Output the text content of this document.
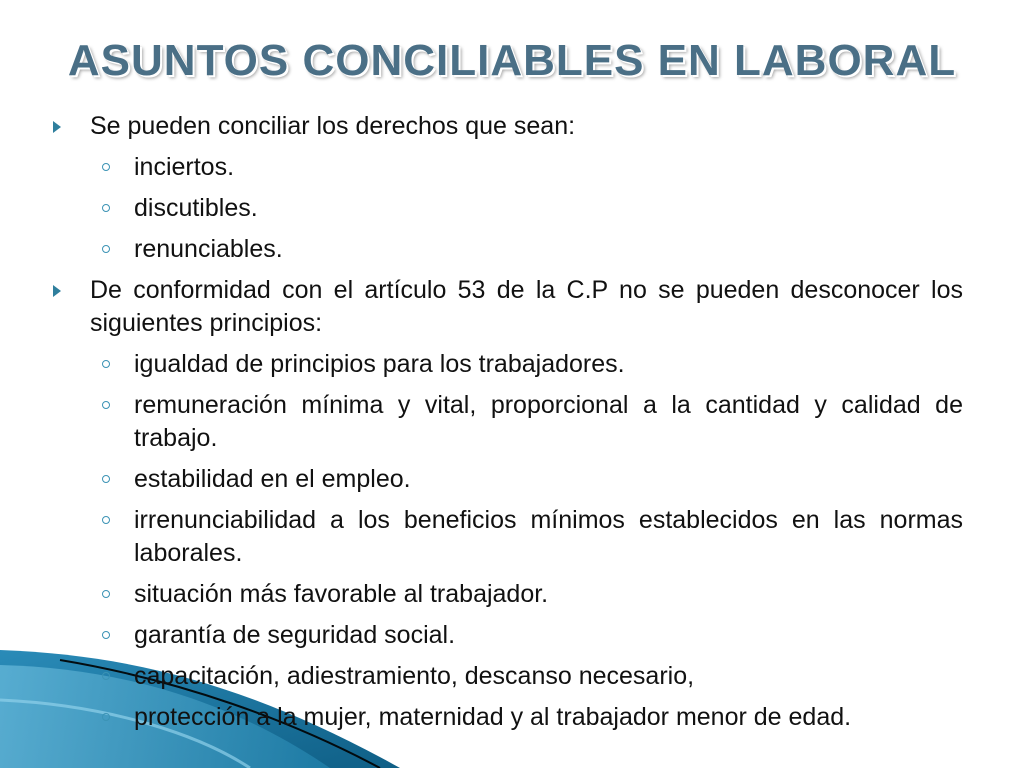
ASUNTOS CONCILIABLES EN LABORAL
Se pueden conciliar los derechos que sean:
inciertos.
discutibles.
renunciables.
De conformidad con el artículo 53 de la C.P no se pueden desconocer los siguientes principios:
igualdad de principios para los trabajadores.
remuneración mínima y vital, proporcional a la cantidad y calidad de trabajo.
estabilidad en el empleo.
irrenunciabilidad a los beneficios mínimos establecidos en las normas laborales.
situación más favorable al trabajador.
garantía de seguridad social.
capacitación, adiestramiento, descanso necesario,
protección a la mujer, maternidad y al trabajador menor de edad.
